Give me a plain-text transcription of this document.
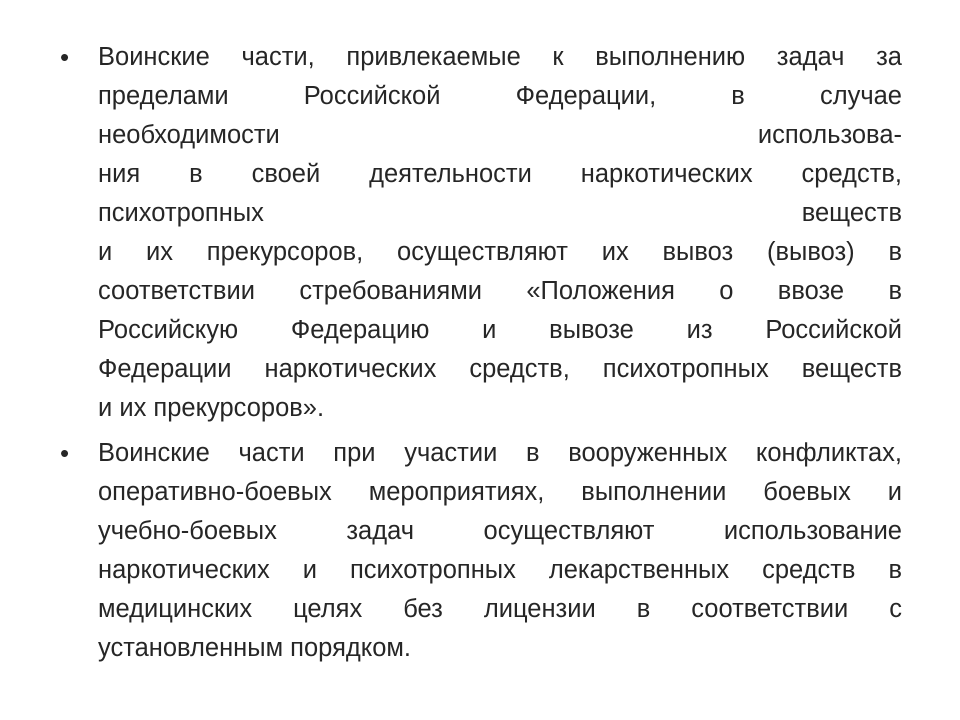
• Воинские части, привлекаемые к выполнению задач за
пределами Российской Федерации, в случае
необходимости использова-
ния в своей деятельности наркотических средств,
психотропных веществ
и их прекурсоров, осуществляют их вывоз (вывоз) в
соответствии стребованиями «Положения о ввозе в
Российскую Федерацию и вывозе из Российской
Федерации наркотических средств, психотропных веществ
и их прекурсоров».
• Воинские части при участии в вооруженных конфликтах,
оперативно-боевых мероприятиях, выполнении боевых и
учебно-боевых задач осуществляют использование
наркотических и психотропных лекарственных средств в
медицинских целях без лицензии в соответствии с
установленным порядком.
